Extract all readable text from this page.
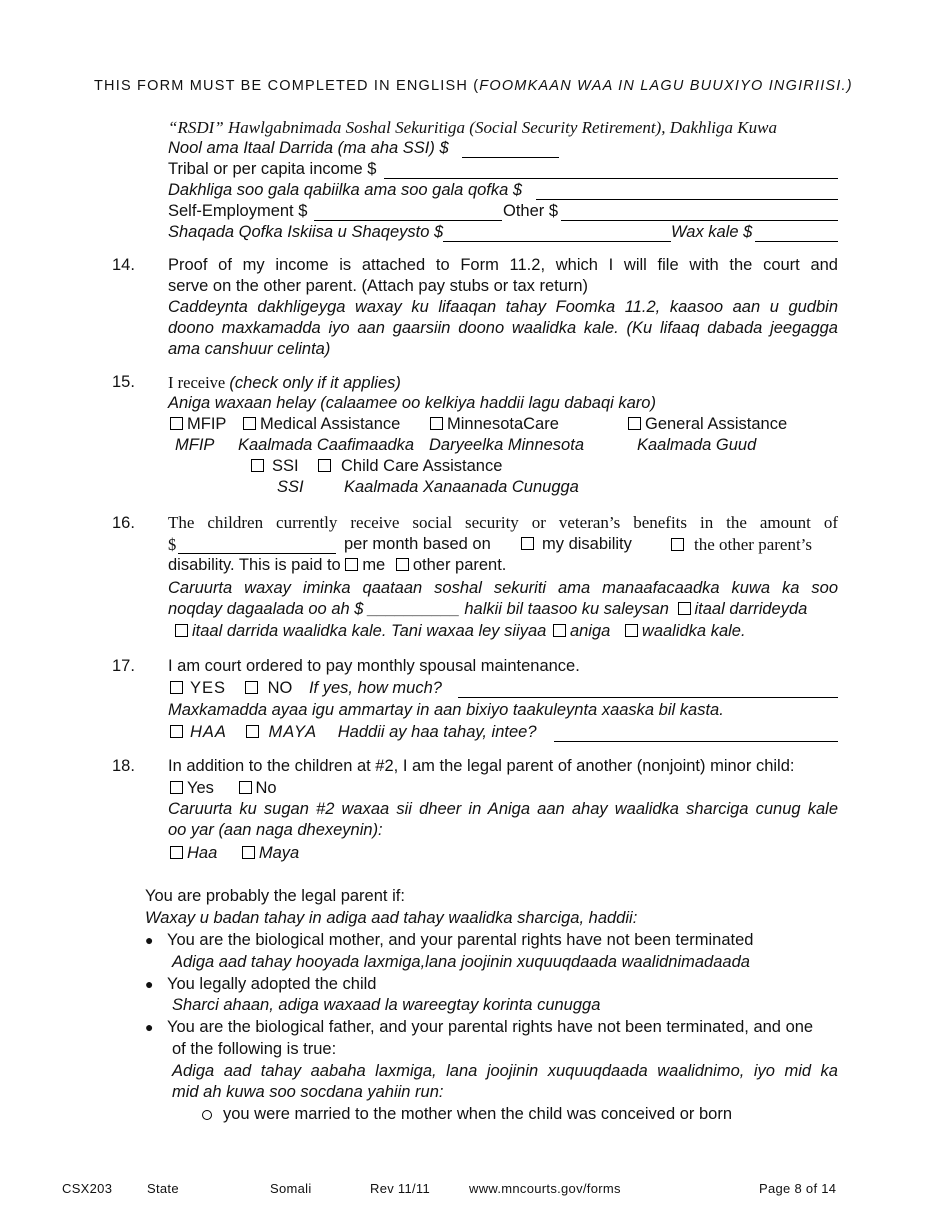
THIS FORM MUST BE COMPLETED IN ENGLISH (FOOMKAAN WAA IN LAGU BUUXIYO INGIRIISI.)
“RSDI” Hawlgabnimada Soshal Sekuritiga (Social Security Retirement), Dakhliga Kuwa
Nool ama Itaal Darrida (ma aha SSI) $
Tribal or per capita income $
Dakhliga soo gala qabiilka ama soo gala qofka $
Self-Employment $	Other $
Shaqada Qofka Iskiisa u Shaqeysto $	Wax kale $
14. Proof of my income is attached to Form 11.2, which I will file with the court and
serve on the other parent. (Attach pay stubs or tax return)
Caddeynta dakhligeyga waxay ku lifaaqan tahay Foomka 11.2, kaasoo aan u gudbin
doono maxkamadda iyo aan gaarsiin doono waalidka kale. (Ku lifaaq dabada jeegagga
ama canshuur celinta)
15. I receive (check only if it applies)
Aniga waxaan helay (calaamee oo kelkiya haddii lagu dabaqi karo)
MFIP	Medical Assistance	MinnesotaCare	General Assistance
MFIP Kaalmada Caafimaadka Daryeelka Minnesota	Kaalmada Guud
SSI	Child Care Assistance
SSI Kaalmada Xanaanada Cunugga
16. The children currently receive social security or veteran’s benefits in the amount of
$	per month based on	my disability	the other parent’s
disability. This is paid to me other parent.
Caruurta waxay iminka qaataan soshal sekuriti ama manaafacaadka kuwa ka soo
noqday dagaalada oo ah $ __________ halkii bil taasoo ku saleysan itaal darrideyda
itaal darrida waalidka kale. Tani waxaa ley siiyaa aniga waalidka kale.
17. I am court ordered to pay monthly spousal maintenance.
YES	NO If yes, how much?
Maxkamadda ayaa igu ammartay in aan bixiyo taakuleynta xaaska bil kasta.
HAA	MAYA Haddii ay haa tahay, intee?
18. In addition to the children at #2, I am the legal parent of another (nonjoint) minor child:
Yes	No
Caruurta ku sugan #2 waxaa sii dheer in Aniga aan ahay waalidka sharciga cunug kale
oo yar (aan naga dhexeynin):
Haa	Maya
You are probably the legal parent if:
Waxay u badan tahay in adiga aad tahay waalidka sharciga, haddii:
● You are the biological mother, and your parental rights have not been terminated
Adiga aad tahay hooyada laxmiga,lana joojinin xuquuqdaada waalidnimadaada
● You legally adopted the child
Sharci ahaan, adiga waxaad la wareegtay korinta cunugga
● You are the biological father, and your parental rights have not been terminated, and one
of the following is true:
Adiga aad tahay aabaha laxmiga, lana joojinin xuquuqdaada waalidnimo, iyo mid ka
mid ah kuwa soo socdana yahiin run:
you were married to the mother when the child was conceived or born
CSX203	State	Somali	Rev 11/11	www.mncourts.gov/forms	Page 8 of 14
